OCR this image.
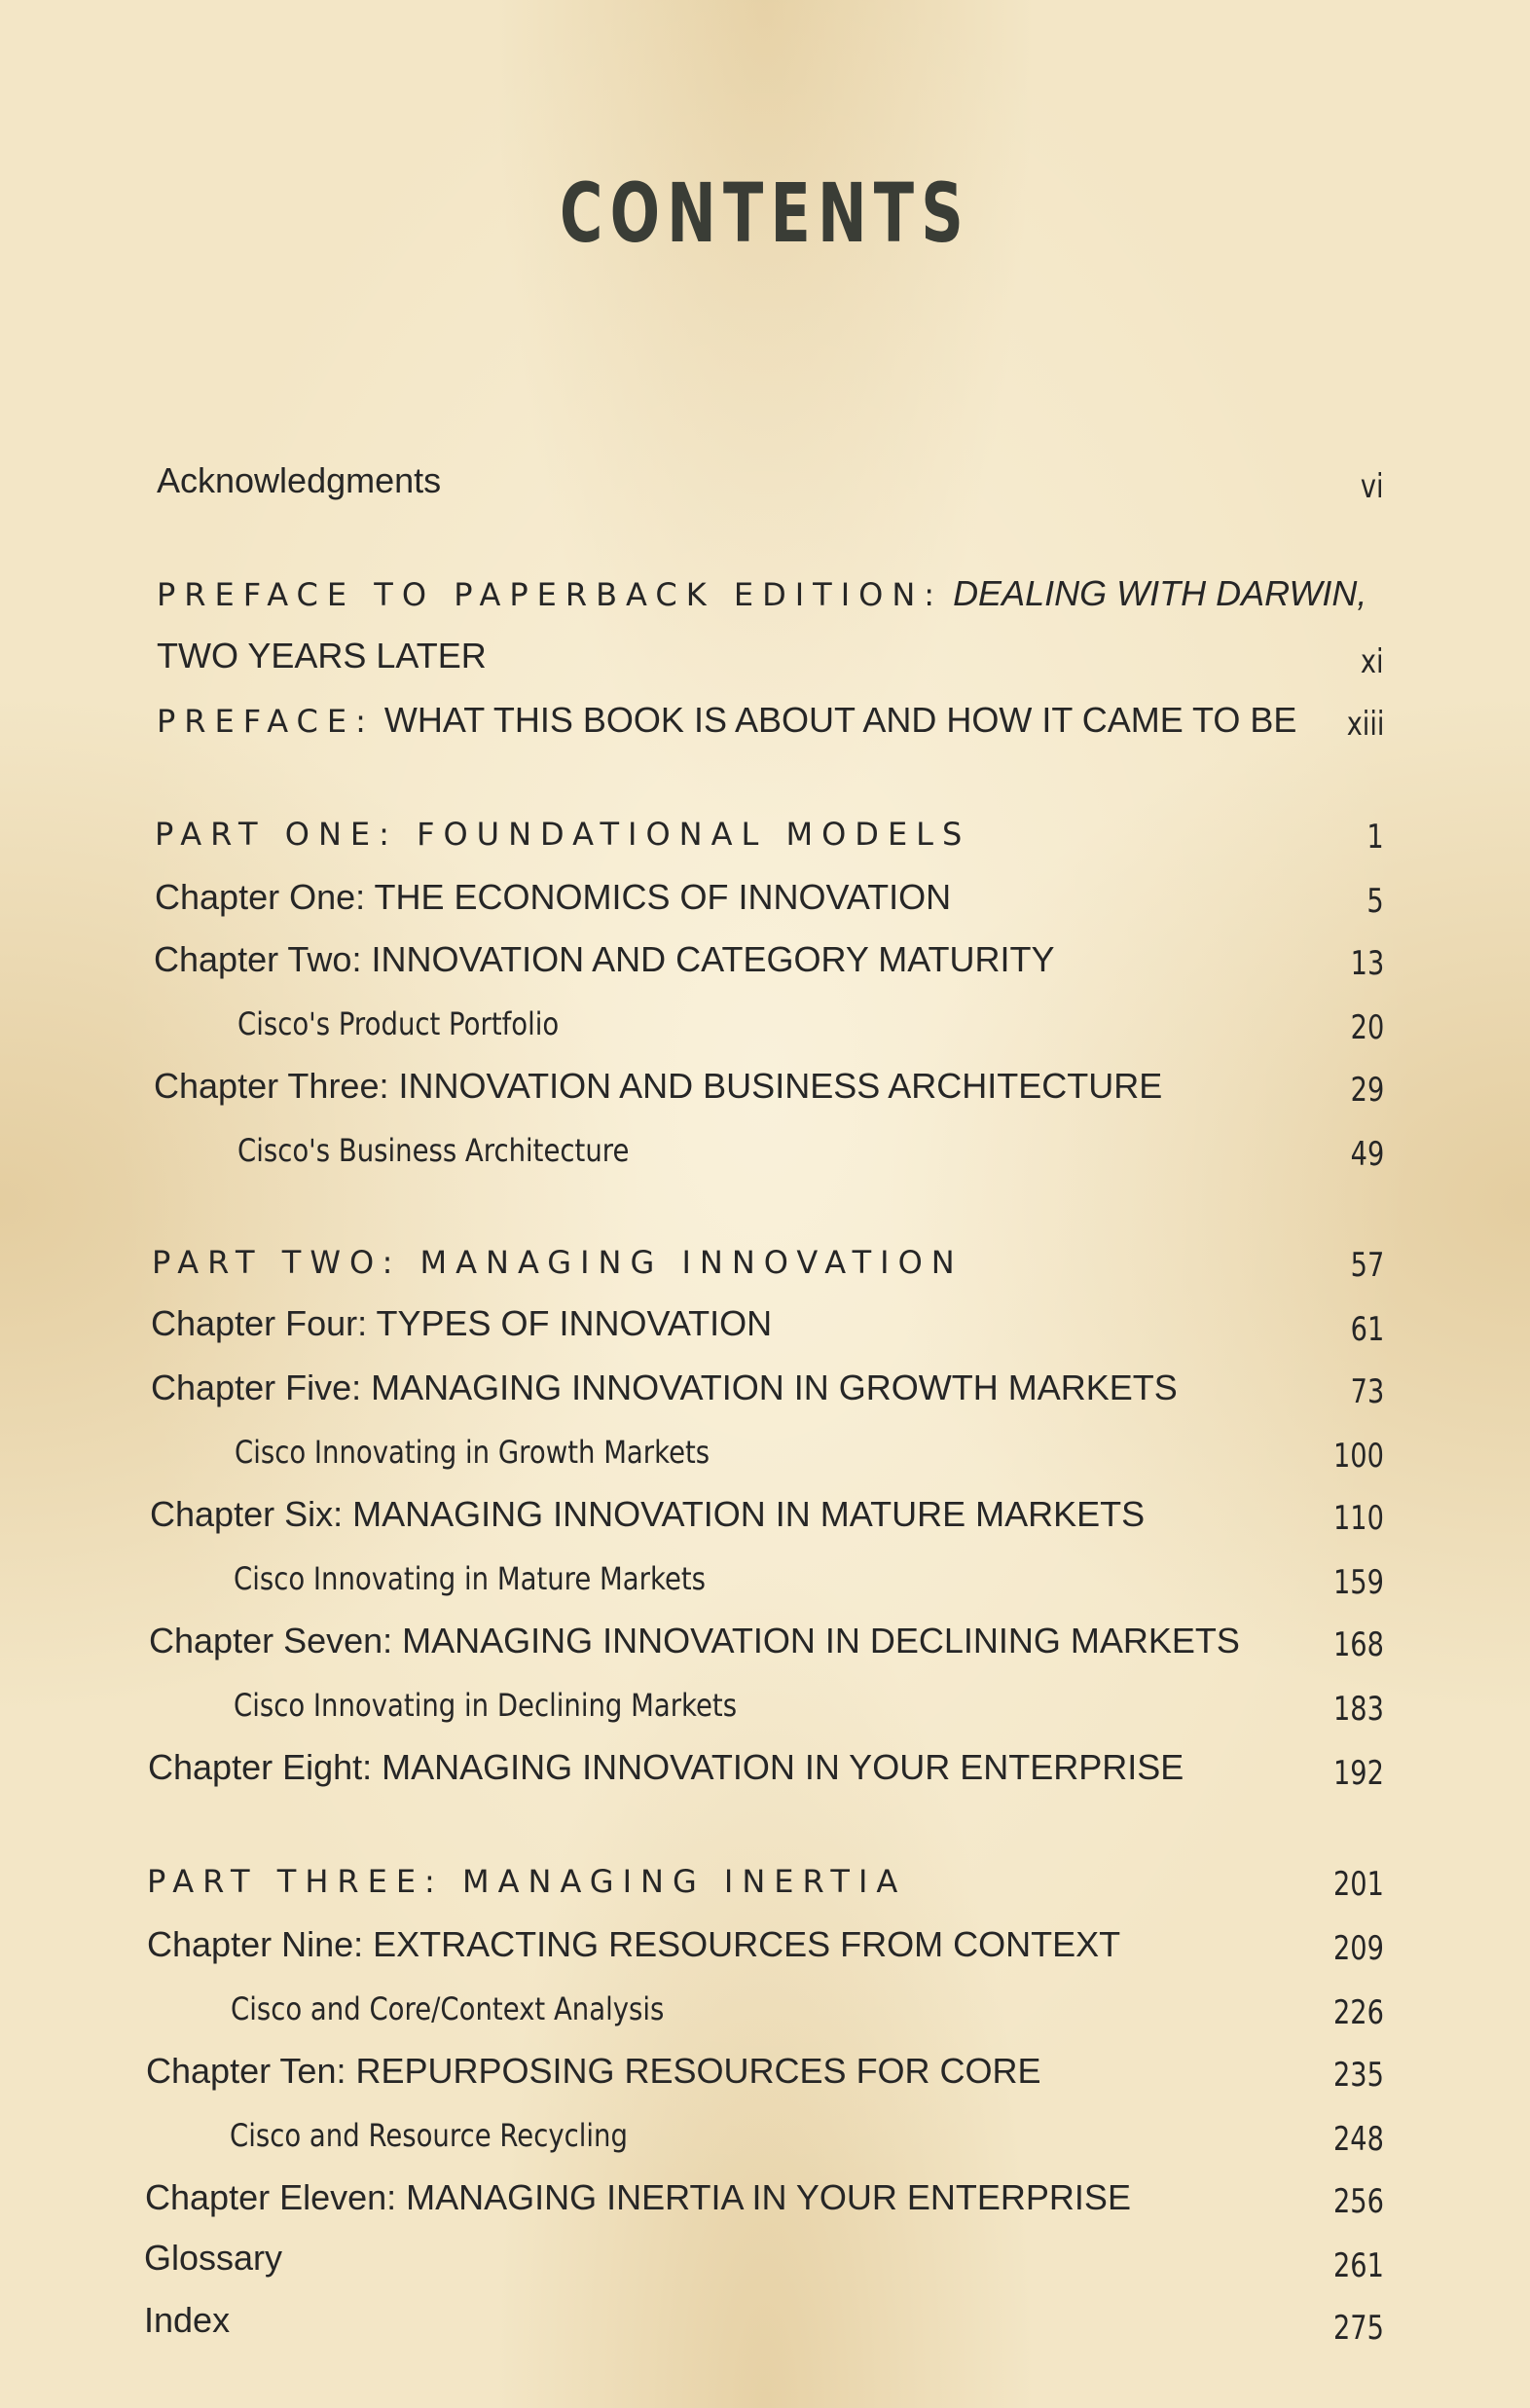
CONTENTS
Acknowledgments	vi
PREFACE TO PAPERBACK EDITION: DEALING WITH DARWIN,
TWO YEARS LATER	xi
PREFACE: WHAT THIS BOOK IS ABOUT AND HOW IT CAME TO BE xiii
PART ONE: FOUNDATIONAL MODELS	1
Chapter One: THE ECONOMICS OF INNOVATION	5
Chapter Two: INNOVATION AND CATEGORY MATURITY	13
Cisco's Product Portfolio	20
Chapter Three: INNOVATION AND BUSINESS ARCHITECTURE	29
Cisco's Business Architecture	49
PART TWO: MANAGING INNOVATION	57
Chapter Four: TYPES OF INNOVATION	61
Chapter Five: MANAGING INNOVATION IN GROWTH MARKETS	73
Cisco Innovating in Growth Markets	100
Chapter Six: MANAGING INNOVATION IN MATURE MARKETS	110
Cisco Innovating in Mature Markets	159
Chapter Seven: MANAGING INNOVATION IN DECLINING MARKETS	168
Cisco Innovating in Declining Markets	183
Chapter Eight: MANAGING INNOVATION IN YOUR ENTERPRISE	192
PART THREE: MANAGING INERTIA	201
Chapter Nine: EXTRACTING RESOURCES FROM CONTEXT	209
Cisco and Core/Context Analysis	226
Chapter Ten: REPURPOSING RESOURCES FOR CORE	235
Cisco and Resource Recycling	248
Chapter Eleven: MANAGING INERTIA IN YOUR ENTERPRISE	256
Glossary	261
Index	275
